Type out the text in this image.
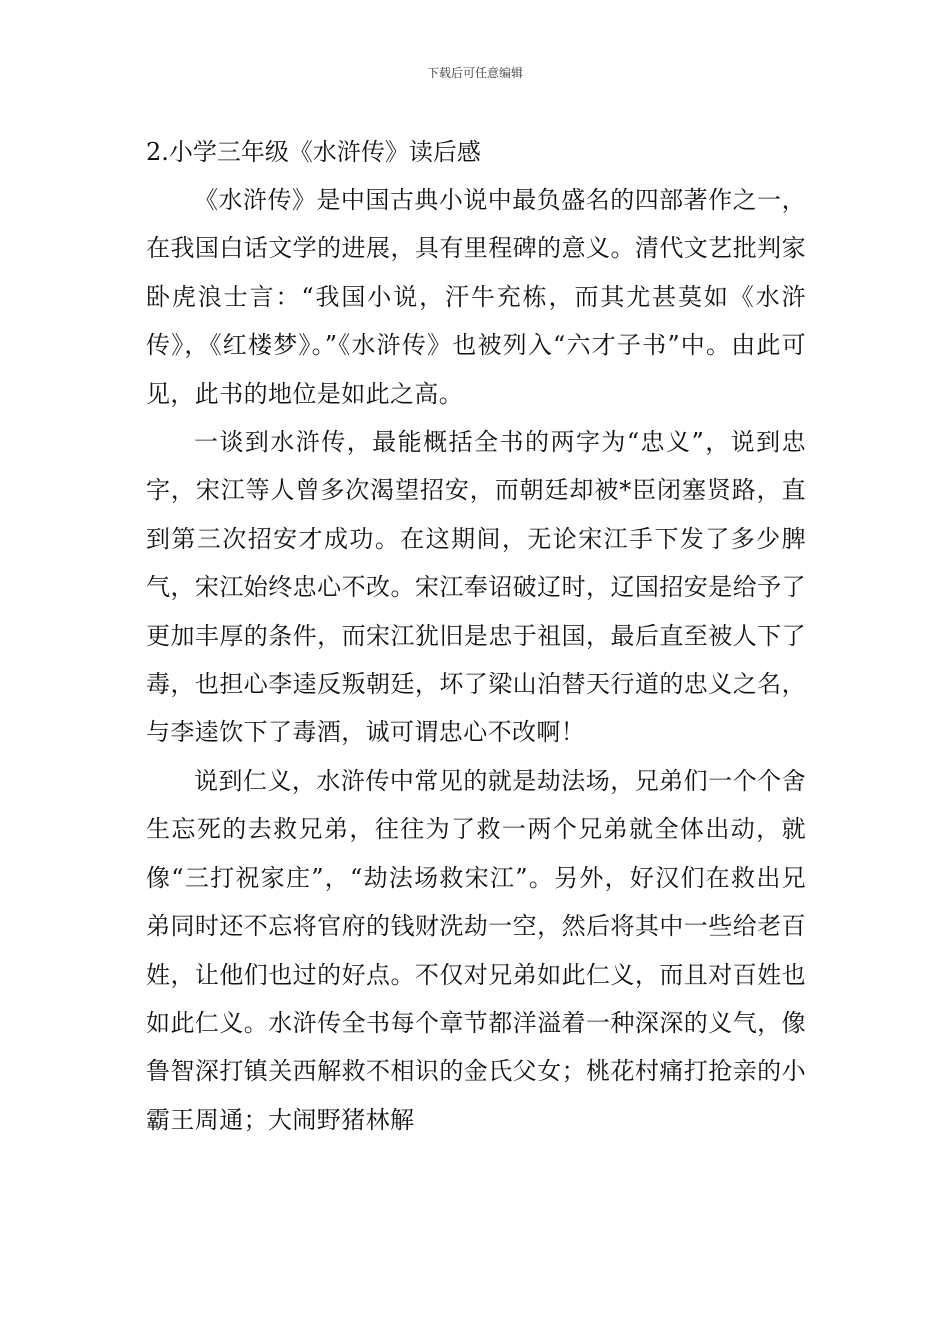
下载后可任意编辑
2.小学三年级《水浒传》读后感

《水浒传》是中国古典小说中最负盛名的四部著作之一，在我国白话文学的进展，具有里程碑的意义。清代文艺批判家卧虎浪士言：“我国小说，汗牛充栋，而其尤甚莫如《水浒传》，《红楼梦》。”《水浒传》也被列入“六才子书”中。由此可见，此书的地位是如此之高。

一谈到水浒传，最能概括全书的两字为“忠义”，说到忠字，宋江等人曾多次渴望招安，而朝廷却被*臣闭塞贤路，直到第三次招安才成功。在这期间，无论宋江手下发了多少脾气，宋江始终忠心不改。宋江奉诏破辽时，辽国招安是给予了更加丰厚的条件，而宋江犹旧是忠于祖国，最后直至被人下了毒，也担心李逵反叛朝廷，坏了梁山泊替天行道的忠义之名，与李逵饮下了毒酒，诚可谓忠心不改啊！

说到仁义，水浒传中常见的就是劫法场，兄弟们一个个舍生忘死的去救兄弟，往往为了救一两个兄弟就全体出动，就像“三打祝家庄”，“劫法场救宋江”。另外，好汉们在救出兄弟同时还不忘将官府的钱财洗劫一空，然后将其中一些给老百姓，让他们也过的好点。不仅对兄弟如此仁义，而且对百姓也如此仁义。水浒传全书每个章节都洋溢着一种深深的义气，像鲁智深打镇关西解救不相识的金氏父女；桃花村痛打抢亲的小霸王周通；大闹野猪林解
